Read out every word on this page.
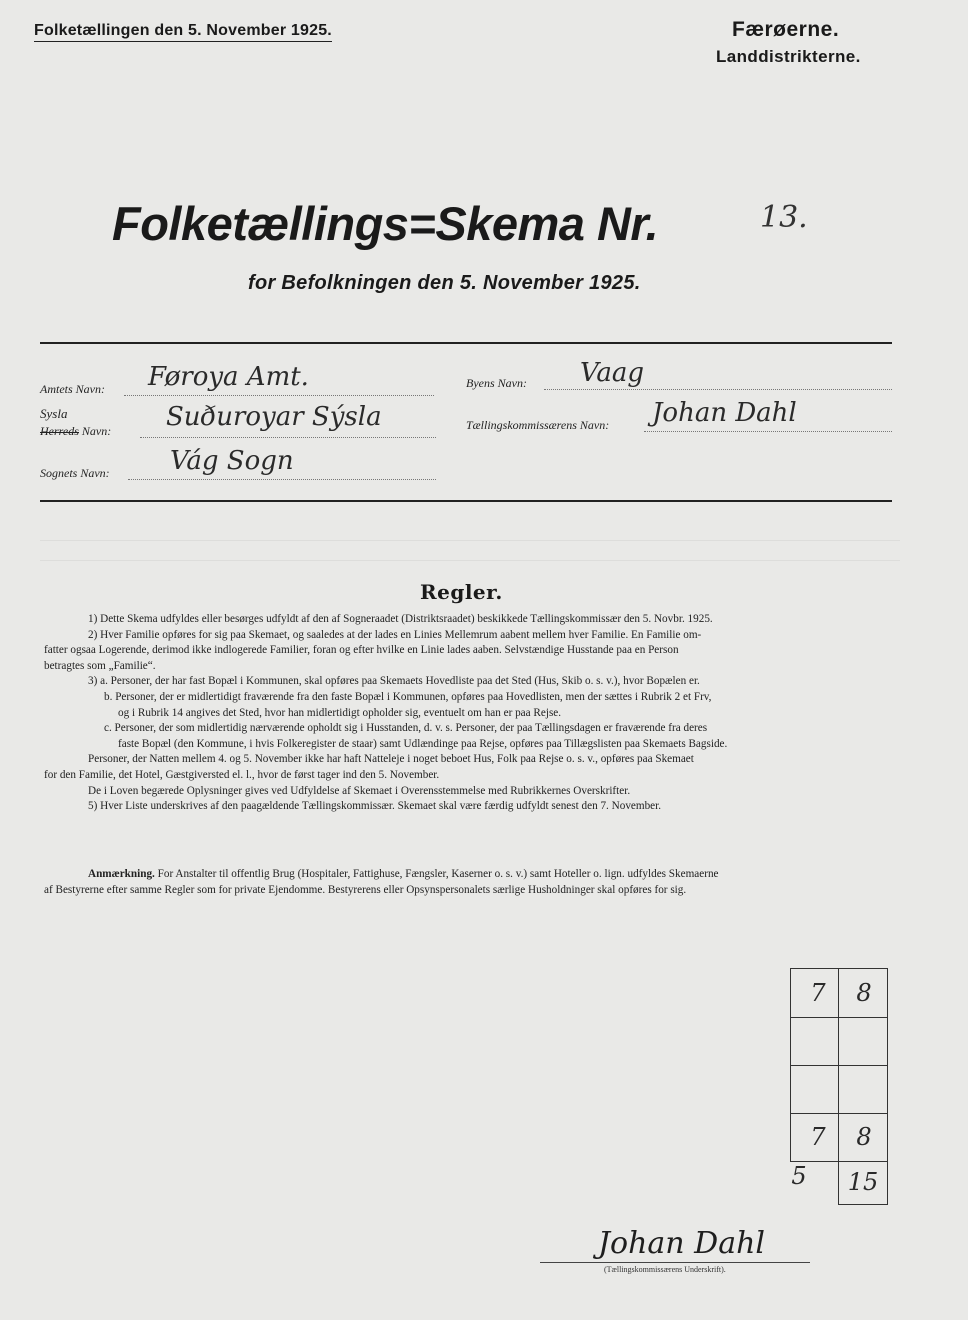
Folketællingen den 5. November 1925.	Færøerne.
Landdistrikterne.
Folketællings=Skema Nr.	13.
for Befolkningen den 5. November 1925.
Amtets Navn: Føroya Amt.
Sysla
Herreds Navn: Suðuroyar Sýsla
Sognets Navn: Vág Sogn
Byens Navn: Vaag
Tællingskommissærens Navn: Johan Dahl
Regler.
1) Dette Skema udfyldes eller besørges udfyldt af den af Sogneraadet (Distriktsraadet) beskikkede Tællingskommissær den 5. Novbr. 1925.
2) Hver Familie opføres for sig paa Skemaet, og saaledes at der lades en Linies Mellemrum aabent mellem hver Familie. En Familie om-
fatter ogsaa Logerende, derimod ikke indlogerede Familier, foran og efter hvilke en Linie lades aaben. Selvstændige Husstande paa en Person
betragtes som „Familie“.
3) a. Personer, der har fast Bopæl i Kommunen, skal opføres paa Skemaets Hovedliste paa det Sted (Hus, Skib o. s. v.), hvor Bopælen er.
b. Personer, der er midlertidigt fraværende fra den faste Bopæl i Kommunen, opføres paa Hovedlisten, men der sættes i Rubrik 2 et Frv,
og i Rubrik 14 angives det Sted, hvor han midlertidigt opholder sig, eventuelt om han er paa Rejse.
c. Personer, der som midlertidig nærværende opholdt sig i Husstanden, d. v. s. Personer, der paa Tællingsdagen er fraværende fra deres
faste Bopæl (den Kommune, i hvis Folkeregister de staar) samt Udlændinge paa Rejse, opføres paa Tillægslisten paa Skemaets Bagside.
Personer, der Natten mellem 4. og 5. November ikke har haft Natteleje i noget beboet Hus, Folk paa Rejse o. s. v., opføres paa Skemaet
for den Familie, det Hotel, Gæstgiversted el. l., hvor de først tager ind den 5. November.
De i Loven begærede Oplysninger gives ved Udfyldelse af Skemaet i Overensstemmelse med Rubrikkernes Overskrifter.
5) Hver Liste underskrives af den paagældende Tællingskommissær. Skemaet skal være færdig udfyldt senest den 7. November.
Anmærkning. For Anstalter til offentlig Brug (Hospitaler, Fattighuse, Fængsler, Kaserner o. s. v.) samt Hoteller o. lign. udfyldes Skemaerne
af Bestyrerne efter samme Regler som for private Ejendomme. Bestyrerens eller Opsynspersonalets særlige Husholdninger skal opføres for sig.
7	8
7	8
5	15
Johan Dahl
(Tællingskommissærens Underskrift).
